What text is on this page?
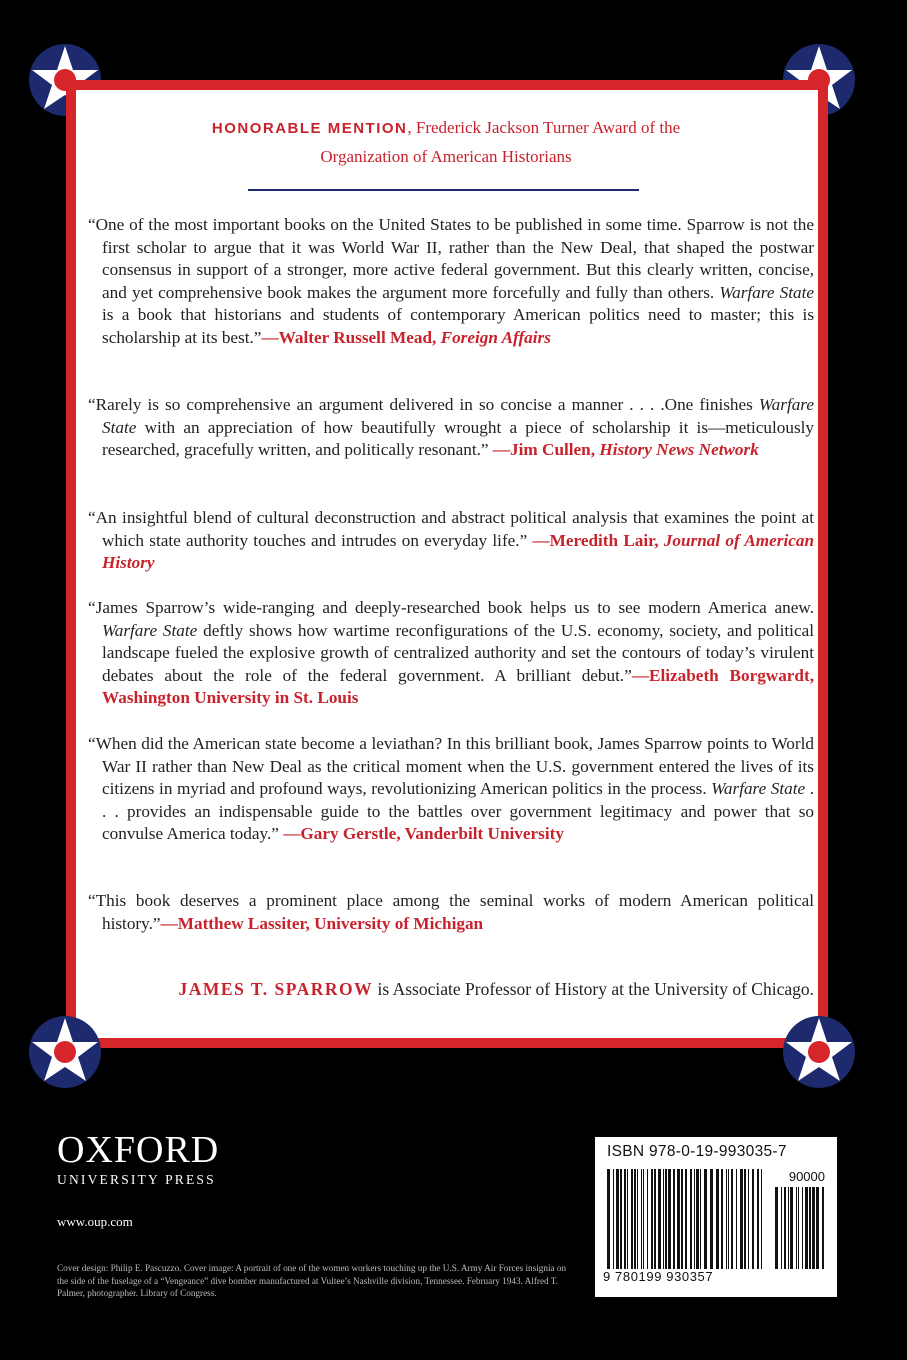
HONORABLE MENTION, Frederick Jackson Turner Award of the
Organization of American Historians
“One of the most important books on the United States to be published in some time. Sparrow is not the first scholar to argue that it was World War II, rather than the New Deal, that shaped the postwar consensus in support of a stronger, more active federal government. But this clearly written, concise, and yet comprehensive book makes the argument more forcefully and fully than others. Warfare State is a book that historians and students of contemporary American politics need to master; this is scholarship at its best.”—Walter Russell Mead, Foreign Affairs
“Rarely is so comprehensive an argument delivered in so concise a manner . . . .One finishes Warfare State with an appreciation of how beautifully wrought a piece of scholarship it is—meticulously researched, gracefully written, and politically resonant.” —Jim Cullen, History News Network
“An insightful blend of cultural deconstruction and abstract political analysis that examines the point at which state authority touches and intrudes on everyday life.” —Meredith Lair, Journal of American History
“James Sparrow’s wide-ranging and deeply-researched book helps us to see modern America anew. Warfare State deftly shows how wartime reconfigurations of the U.S. economy, society, and political landscape fueled the explosive growth of centralized authority and set the contours of today’s virulent debates about the role of the federal government. A brilliant debut.”—Elizabeth Borgwardt, Washington University in St. Louis
“When did the American state become a leviathan? In this brilliant book, James Sparrow points to World War II rather than New Deal as the critical moment when the U.S. government entered the lives of its citizens in myriad and profound ways, revolutionizing American politics in the process. Warfare State . . . provides an indispensable guide to the battles over government legitimacy and power that so convulse America today.” —Gary Gerstle, Vanderbilt University
“This book deserves a prominent place among the seminal works of modern American political history.”—Matthew Lassiter, University of Michigan
JAMES T. SPARROW is Associate Professor of History at the University of Chicago.
OXFORD
UNIVERSITY PRESS
www.oup.com
Cover design: Philip E. Pascuzzo. Cover image: A portrait of one of the women workers touching up the U.S. Army Air Forces insignia on the side of the fuselage of a “Vengeance” dive bomber manufactured at Vultee’s Nashville division, Tennessee. February 1943. Alfred T. Palmer, photographer. Library of Congress.
ISBN 978-0-19-993035-7
90000
9 780199 930357
